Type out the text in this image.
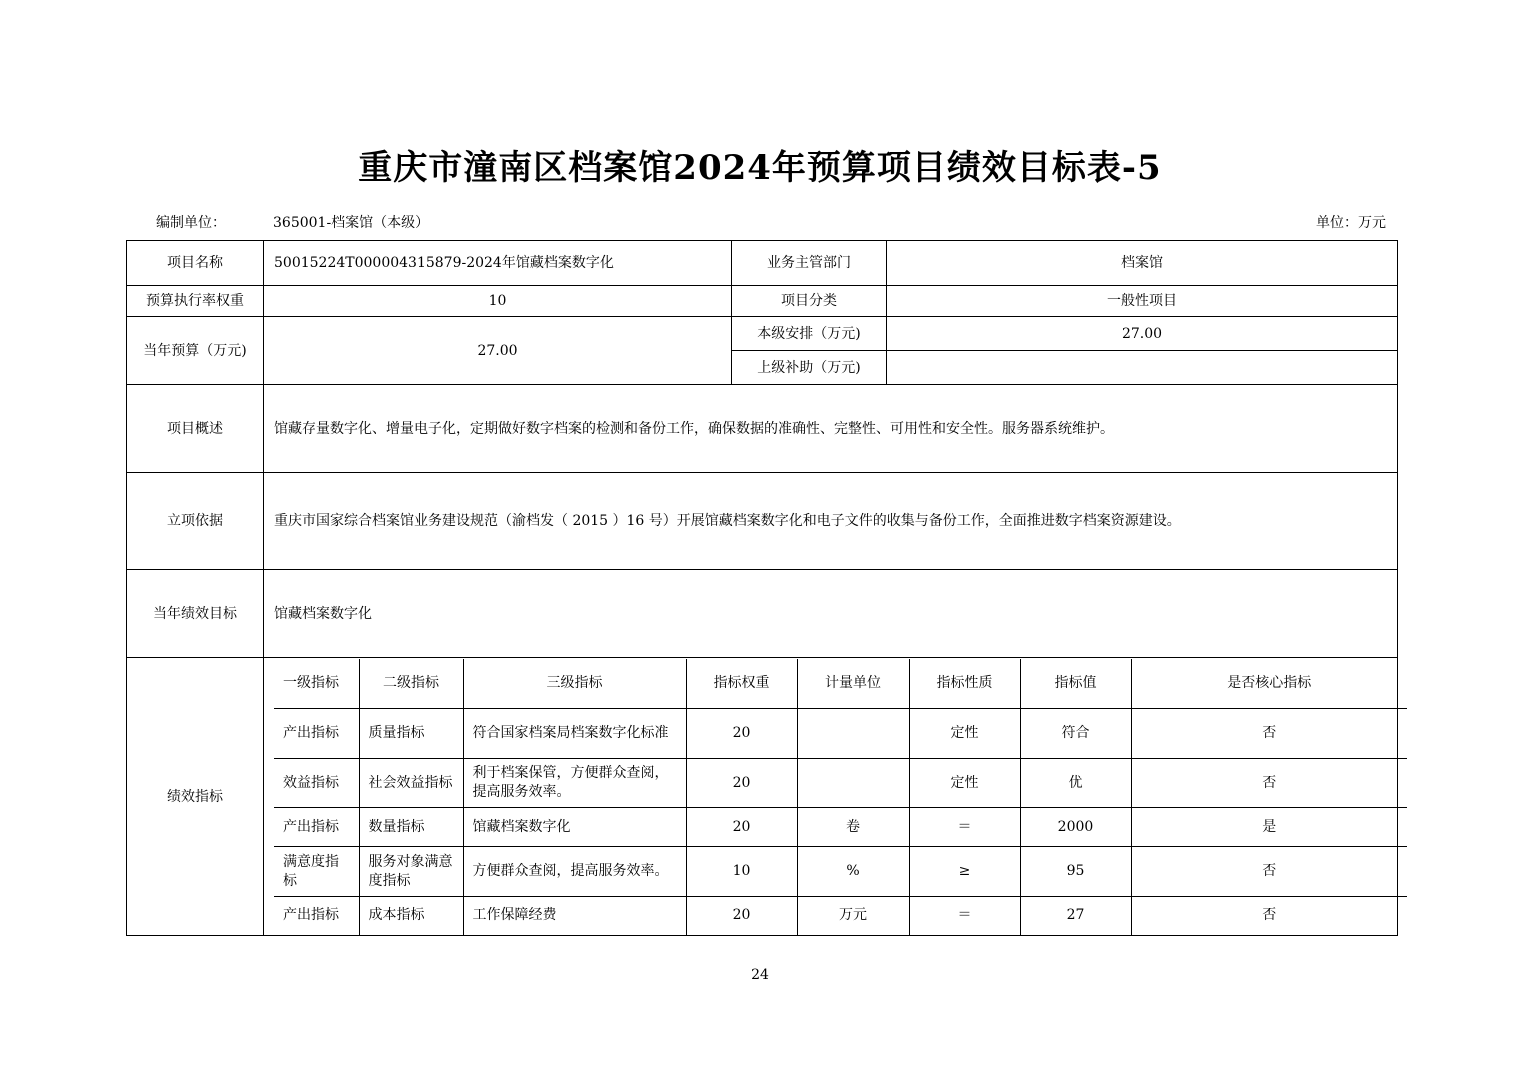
重庆市潼南区档案馆2024年预算项目绩效目标表-5
编制单位：	365001-档案馆（本级）	单位：万元
项目名称	50015224T000004315879-2024年馆藏档案数字化	业务主管部门	档案馆
预算执行率权重	10	项目分类	一般性项目
当年预算（万元)	27.00	本级安排（万元)	27.00
上级补助（万元)	
项目概述	馆藏存量数字化、增量电子化，定期做好数字档案的检测和备份工作，确保数据的准确性、完整性、可用性和安全性。服务器系统维护。
立项依据	重庆市国家综合档案馆业务建设规范（渝档发（ 2015 ）16 号）开展馆藏档案数字化和电子文件的收集与备份工作，全面推进数字档案资源建设。
当年绩效目标	馆藏档案数字化
绩效指标	
一级指标	二级指标	三级指标	指标权重	计量单位	指标性质	指标值	是否核心指标
产出指标	质量指标	符合国家档案局档案数字化标准	20		定性	符合	否
效益指标	社会效益指标	利于档案保管，方便群众查阅，提高服务效率。	20		定性	优	否
产出指标	数量指标	馆藏档案数字化	20	卷	＝	2000	是
满意度指标	服务对象满意度指标	方便群众查阅，提高服务效率。	10	%	≥	95	否
产出指标	成本指标	工作保障经费	20	万元	＝	27	否
24
